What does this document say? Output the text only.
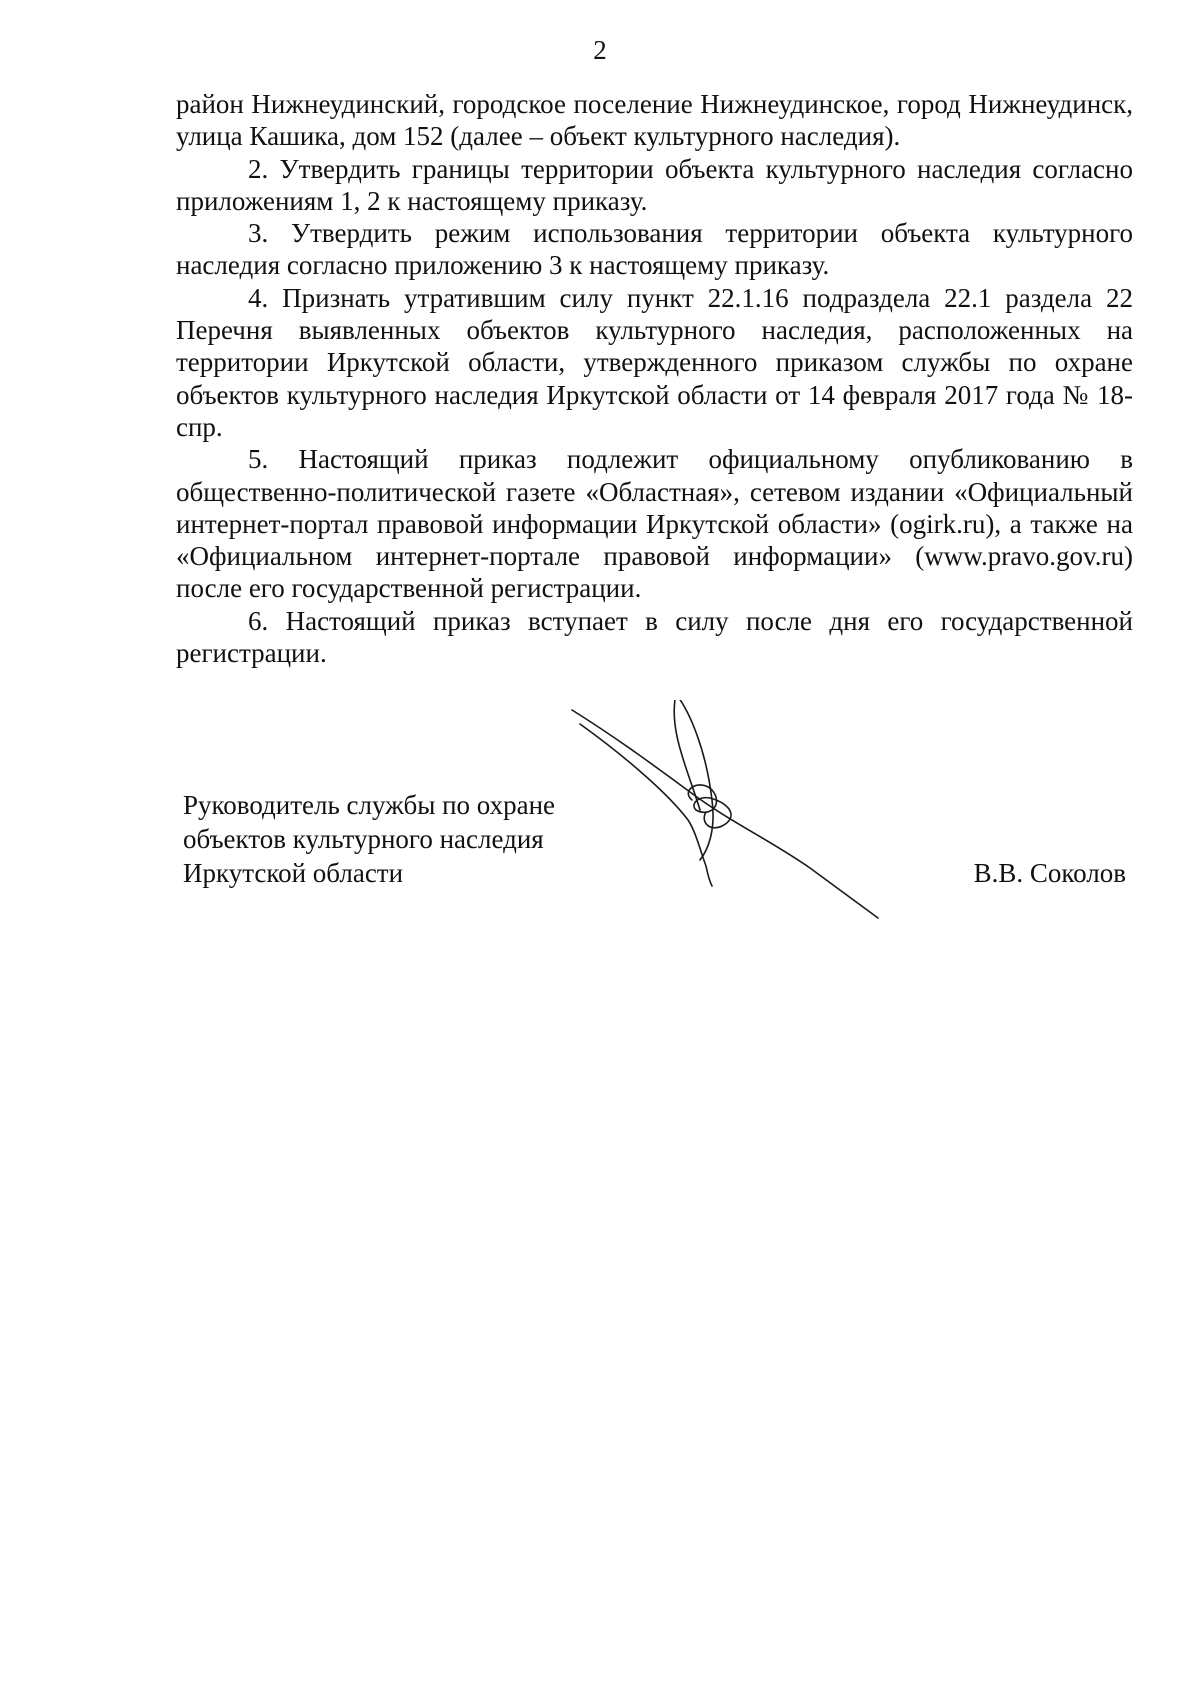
2

район Нижнеудинский, городское поселение Нижнеудинское, город Нижнеудинск, улица Кашика, дом 152 (далее – объект культурного наследия).

2. Утвердить границы территории объекта культурного наследия согласно приложениям 1, 2 к настоящему приказу.

3. Утвердить режим использования территории объекта культурного наследия согласно приложению 3 к настоящему приказу.

4. Признать утратившим силу пункт 22.1.16 подраздела 22.1 раздела 22 Перечня выявленных объектов культурного наследия, расположенных на территории Иркутской области, утвержденного приказом службы по охране объектов культурного наследия Иркутской области от 14 февраля 2017 года № 18-спр.

5. Настоящий приказ подлежит официальному опубликованию в общественно-политической газете «Областная», сетевом издании «Официальный интернет-портал правовой информации Иркутской области» (ogirk.ru), а также на «Официальном интернет-портале правовой информации» (www.pravo.gov.ru) после его государственной регистрации.

6. Настоящий приказ вступает в силу после дня его государственной регистрации.

Руководитель службы по охране
объектов культурного наследия
Иркутской области	В.В. Соколов
